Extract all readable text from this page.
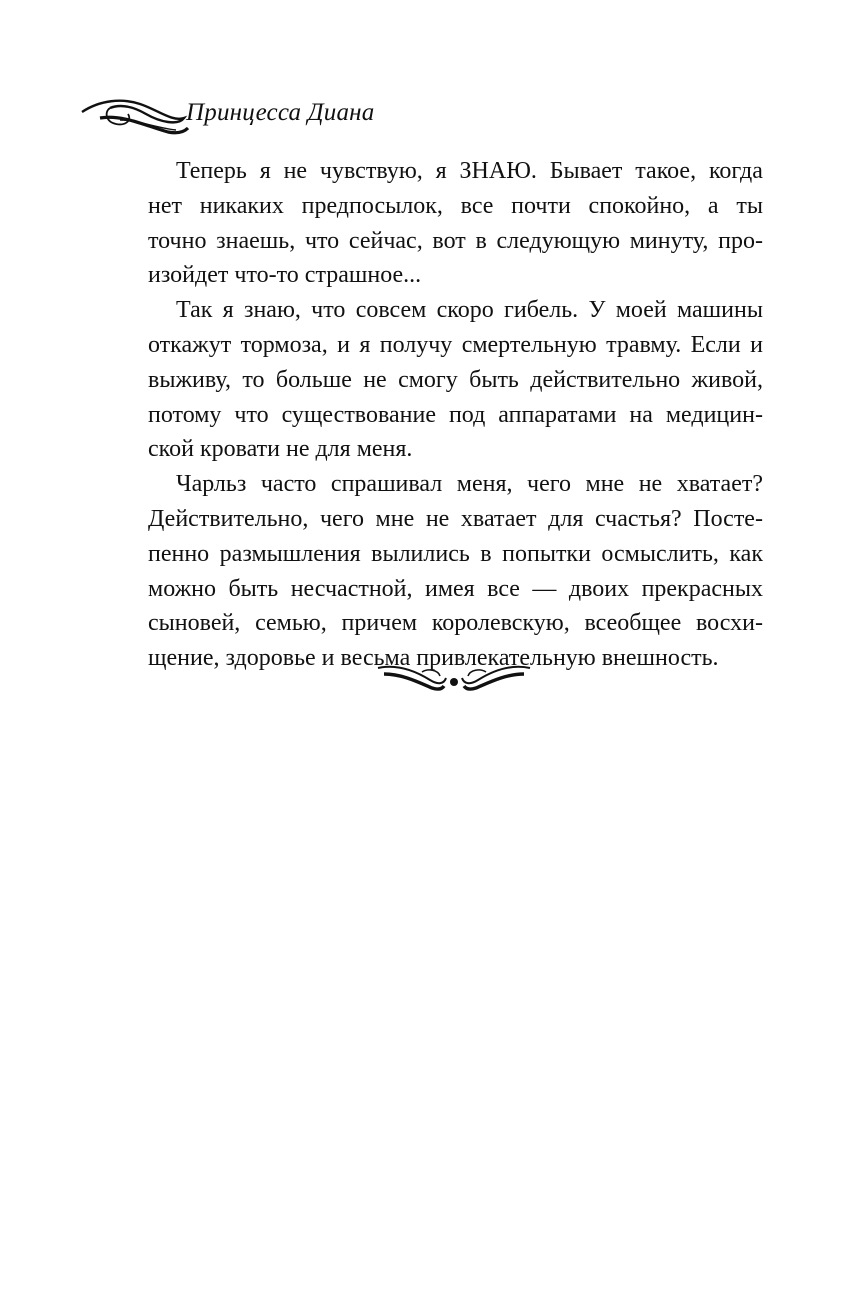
Принцесса Диана
Теперь я не чувствую, я ЗНАЮ. Бывает такое, когда
нет никаких предпосылок, все почти спокойно, а ты
точно знаешь, что сейчас, вот в следующую минуту, про-
изойдет что-то страшное...
Так я знаю, что совсем скоро гибель. У моей машины
откажут тормоза, и я получу смертельную травму. Если и
выживу, то больше не смогу быть действительно живой,
потому что существование под аппаратами на медицин-
ской кровати не для меня.
Чарльз часто спрашивал меня, чего мне не хватает?
Действительно, чего мне не хватает для счастья? Посте-
пенно размышления вылились в попытки осмыслить, как
можно быть несчастной, имея все — двоих прекрасных
сыновей, семью, причем королевскую, всеобщее восхи-
щение, здоровье и весьма привлекательную внешность.
